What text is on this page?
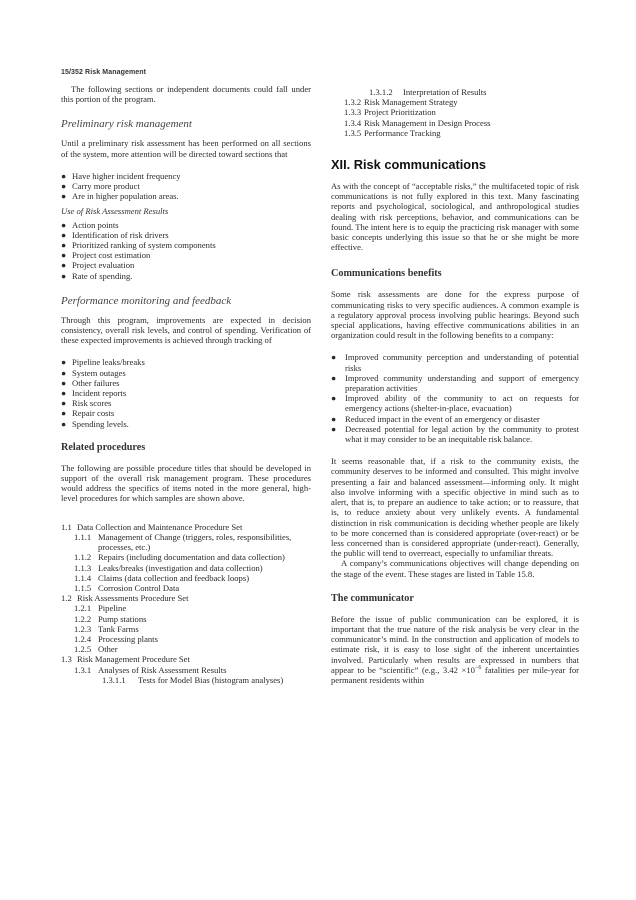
15/352 Risk Management

The following sections or independent documents could fall under this portion of the program.

Preliminary risk management

Until a preliminary risk assessment has been performed on all sections of the system, more attention will be directed toward sections that

● Have higher incident frequency
● Carry more product
● Are in higher population areas.
Use of Risk Assessment Results
● Action points
● Identification of risk drivers
● Prioritized ranking of system components
● Project cost estimation
● Project evaluation
● Rate of spending.
Performance monitoring and feedback

Through this program, improvements are expected in decision consistency, overall risk levels, and control of spending. Verification of these expected improvements is achieved through tracking of

● Pipeline leaks/breaks
● System outages
● Other failures
● Incident reports
● Risk scores
● Repair costs
● Spending levels.
Related procedures

The following are possible procedure titles that should be developed in support of the overall risk management program. These procedures would address the specifics of items noted in the more general, high-level procedures for which samples are shown above.

1.1 Data Collection and Maintenance Procedure Set
1.1.1 Management of Change (triggers, roles, responsibilities, processes, etc.)
1.1.2 Repairs (including documentation and data collection)
1.1.3 Leaks/breaks (investigation and data collection)
1.1.4 Claims (data collection and feedback loops)
1.1.5 Corrosion Control Data
1.2 Risk Assessments Procedure Set
1.2.1 Pipeline
1.2.2 Pump stations
1.2.3 Tank Farms
1.2.4 Processing plants
1.2.5 Other
1.3 Risk Management Procedure Set
1.3.1 Analyses of Risk Assessment Results
1.3.1.1	Tests for Model Bias (histogram analyses)
1.3.1.2	Interpretation of Results
1.3.2 Risk Management Strategy
1.3.3 Project Prioritization
1.3.4 Risk Management in Design Process
1.3.5 Performance Tracking
XII. Risk communications

As with the concept of “acceptable risks,” the multifaceted topic of risk communications is not fully explored in this text. Many fascinating reports and psychological, sociological, and anthropological studies dealing with risk perceptions, behavior, and communications can be found. The intent here is to equip the practicing risk manager with some basic concepts underlying this issue so that he or she might be more effective.

Communications benefits

Some risk assessments are done for the express purpose of communicating risks to very specific audiences. A common example is a regulatory approval process involving public hearings. Beyond such special applications, having effective communications abilities in an organization could result in the following benefits to a company:

● Improved community perception and understanding of potential risks
● Improved community understanding and support of emergency preparation activities
● Improved ability of the community to act on requests for emergency actions (shelter-in-place, evacuation)
● Reduced impact in the event of an emergency or disaster
● Decreased potential for legal action by the community to protest what it may consider to be an inequitable risk balance.

It seems reasonable that, if a risk to the community exists, the community deserves to be informed and consulted. This might involve presenting a fair and balanced assessment—informing only. It might also involve informing with a specific objective in mind such as to alert, that is, to prepare an audience to take action; or to reassure, that is, to reduce anxiety about very unlikely events. A fundamental distinction in risk communication is deciding whether people are likely to be more concerned than is considered appropriate (over-react) or be less concerned than is considered appropriate (under-react). Generally, the public will tend to overreact, especially to unfamiliar threats.

A company’s communications objectives will change depending on the stage of the event. These stages are listed in Table 15.8.

The communicator

Before the issue of public communication can be explored, it is important that the true nature of the risk analysis be very clear in the communicator’s mind. In the construction and application of models to estimate risk, it is easy to lose sight of the inherent uncertainties involved. Particularly when results are expressed in numbers that appear to be “scientific” (e.g., $3.42 \times 10^{-6}$ fatalities per mile-year for permanent residents within
